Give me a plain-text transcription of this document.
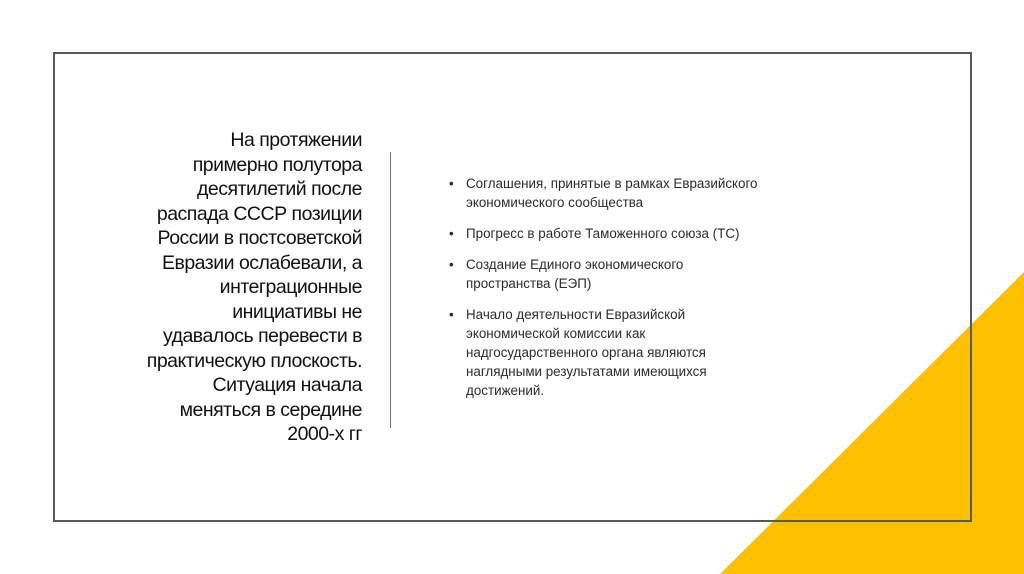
На протяжении
примерно полутора
десятилетий после
распада СССР позиции
России в постсоветской
Евразии ослабевали, а
интеграционные
инициативы не
удавалось перевести в
практическую плоскость.
Ситуация начала
меняться в середине
2000-х гг
• Соглашения, принятые в рамках Евразийского
экономического сообщества
• Прогресс в работе Таможенного союза (ТС)
• Создание Единого экономического
пространства (ЕЭП)
• Начало деятельности Евразийской
экономической комиссии как
надгосударственного органа являются
наглядными результатами имеющихся
достижений.
